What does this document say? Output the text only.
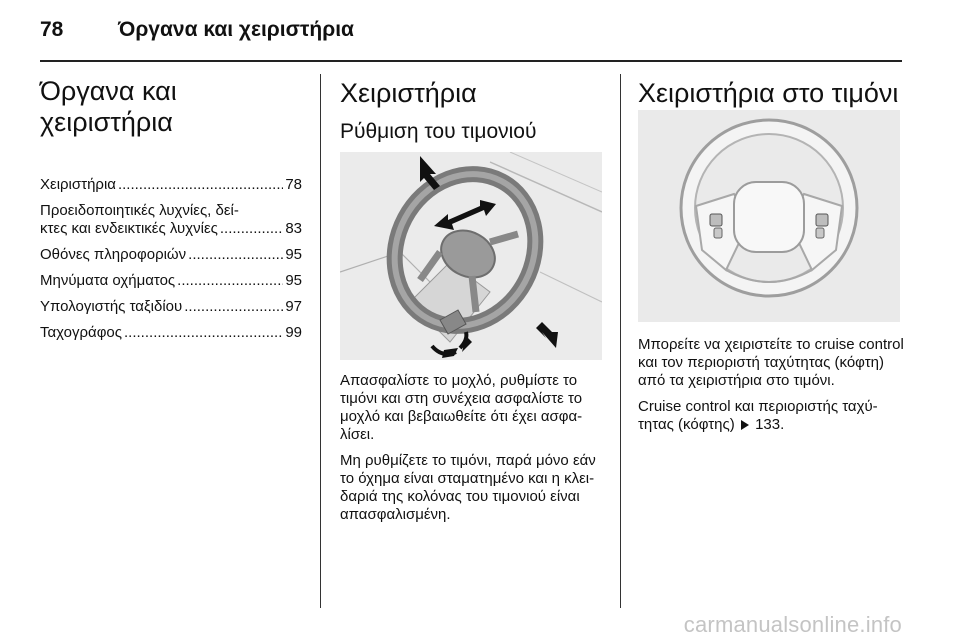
78	Όργανα και χειριστήρια
Όργανα και
χειριστήρια
Χειριστήρια .....	78
Προειδοποιητικές λυχνίες, δεί-
κτες και ενδεικτικές λυχνίες .....	83
Οθόνες πληροφοριών .....	95
Μηνύματα οχήματος .....	95
Υπολογιστής ταξιδίου .....	97
Ταχογράφος .....	99
Χειριστήρια
Ρύθμιση του τιμονιού

Απασφαλίστε το μοχλό, ρυθμίστε το τιμόνι και στη συνέχεια ασφαλίστε το μοχλό και βεβαιωθείτε ότι έχει ασφα-λίσει.

Μη ρυθμίζετε το τιμόνι, παρά μόνο εάν το όχημα είναι σταματημένο και η κλει-δαριά της κολόνας του τιμονιού είναι απασφαλισμένη.

Χειριστήρια στο τιμόνι

Μπορείτε να χειριστείτε το cruise control και τον περιοριστή ταχύτητας (κόφτη) από τα χειριστήρια στο τιμόνι.

Cruise control και περιοριστής ταχύ-τητας (κόφτης) 133.

carmanualsonline.info
